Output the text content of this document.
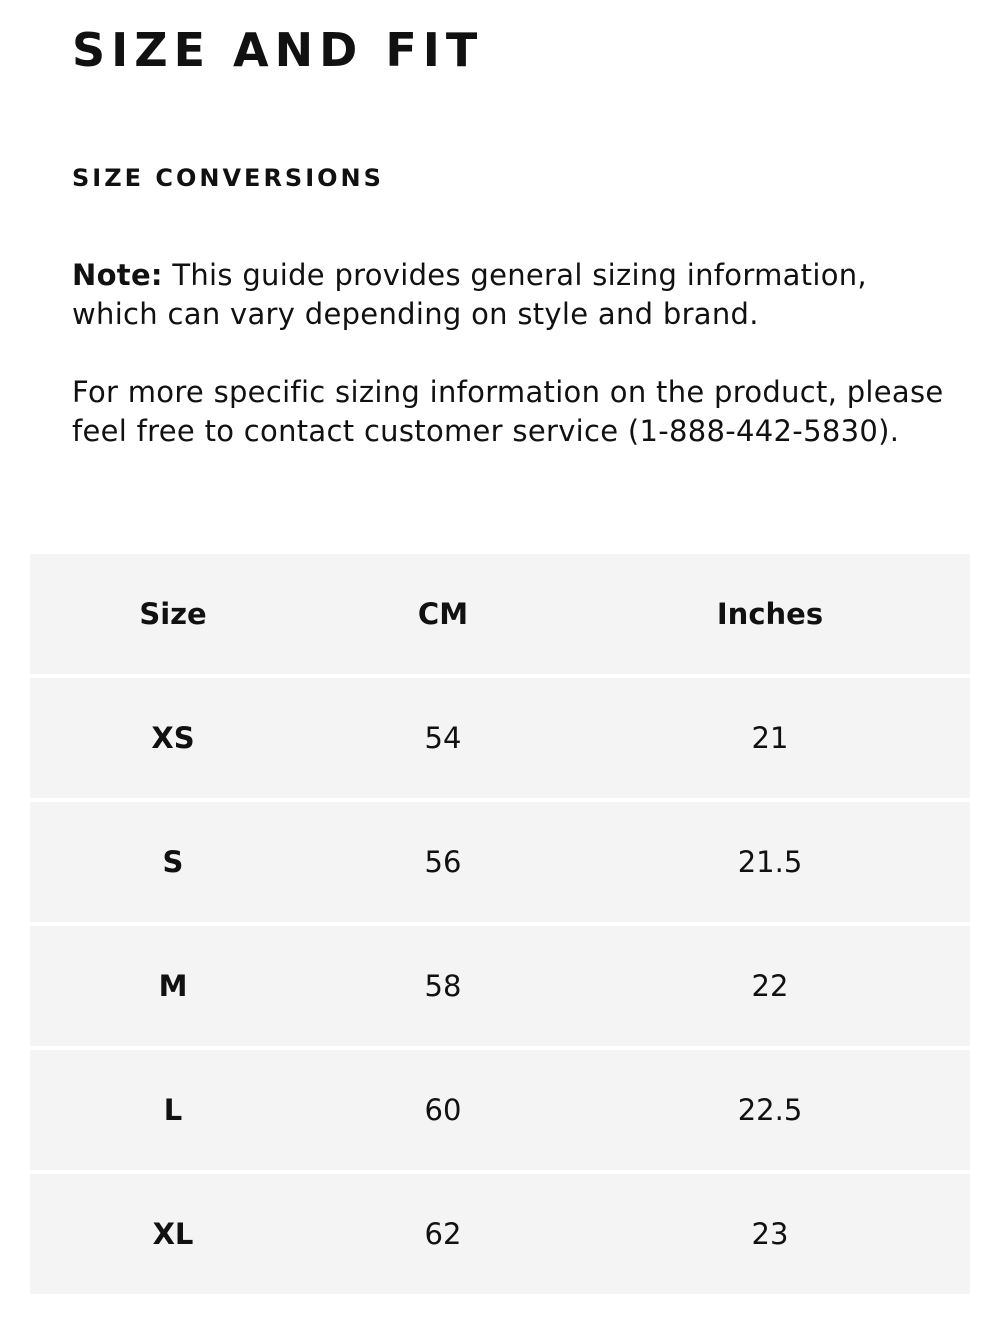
SIZE AND FIT
SIZE CONVERSIONS

Note: This guide provides general sizing information, which can vary depending on style and brand.

For more specific sizing information on the product, please feel free to contact customer service (1-888-442-5830).

Size	CM	Inches
XS	54	21
S	56	21.5
M	58	22
L	60	22.5
XL	62	23
